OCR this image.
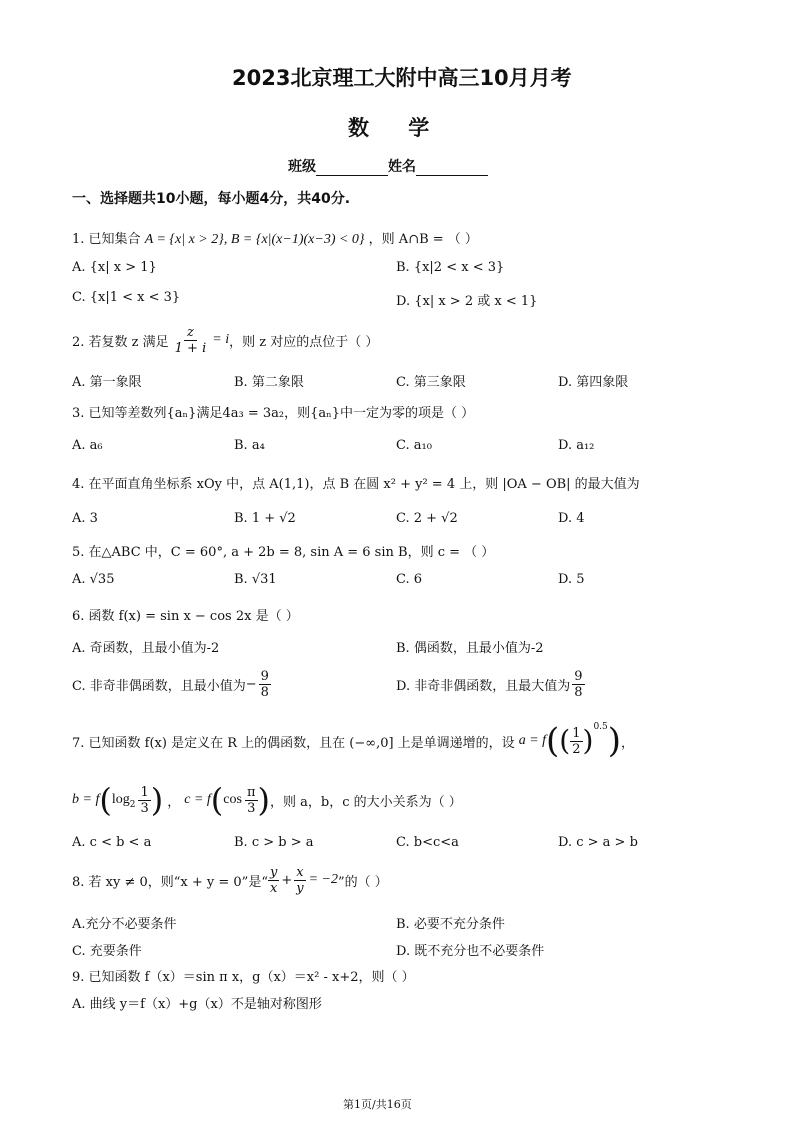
2023北京理工大附中高三10月月考
数    学
班级	姓名
一、选择题共10小题，每小题4分，共40分.
1. 已知集合 A = {x| x > 2}, B = {x|(x−1)(x−3) < 0} ，则 A∩B = （ ）
A. {x| x > 1}	B. {x|2 < x < 3}
C. {x|1 < x < 3}	D. {x| x > 2 或 x < 1}
2. 若复数 z 满足 $\frac{z}{1 + i} = i$ ，则 z 对应的点位于（ ）
A. 第一象限	B. 第二象限	C. 第三象限	D. 第四象限
3. 已知等差数列{aₙ}满足4a₃ = 3a₂，则{aₙ}中一定为零的项是（ ）
A. a₆	B. a₄	C. a₁₀	D. a₁₂
4. 在平面直角坐标系 xOy 中，点 A(1,1)，点 B 在圆 x² + y² = 4 上，则 |OA − OB| 的最大值为
A. 3	B. 1 + √2	C. 2 + √2	D. 4
5. 在△ABC 中，C = 60°, a + 2b = 8, sin A = 6 sin B，则 c = （ ）
A. √35	B. √31	C. 6	D. 5
6. 函数 f(x) = sin x − cos 2x 是（ ）
A. 奇函数，且最小值为-2	B. 偶函数，且最小值为-2
C. 非奇非偶函数，且最小值为 − $\frac{9}{8}$	D. 非奇非偶函数，且最大值为 $\frac{9}{8}$
7. 已知函数 f(x) 是定义在 R 上的偶函数，且在 (−∞,0] 上是单调递增的，设 a = f ( ( $\frac{1}{2}$ ) 0.5 ) ，
b = f ( $\log 2 \frac{1}{3}$ ) ， c = f ( $\cos \frac{\pi}{3}$ ) ，则 a，b，c 的大小关系为（ ）
A. c < b < a	B. c > b > a	C. b<c<a	D. c > a > b
8. 若 xy ≠ 0，则“x + y = 0”是“ $\frac{y}{x} + \frac{x}{y} = -2$ ”的（ ）
A.充分不必要条件	B. 必要不充分条件
C. 充要条件	D. 既不充分也不必要条件
9. 已知函数 f（x）＝sin π x，g（x）＝x² - x+2，则（ ）
A. 曲线 y＝f（x）+g（x）不是轴对称图形
第1页/共16页
